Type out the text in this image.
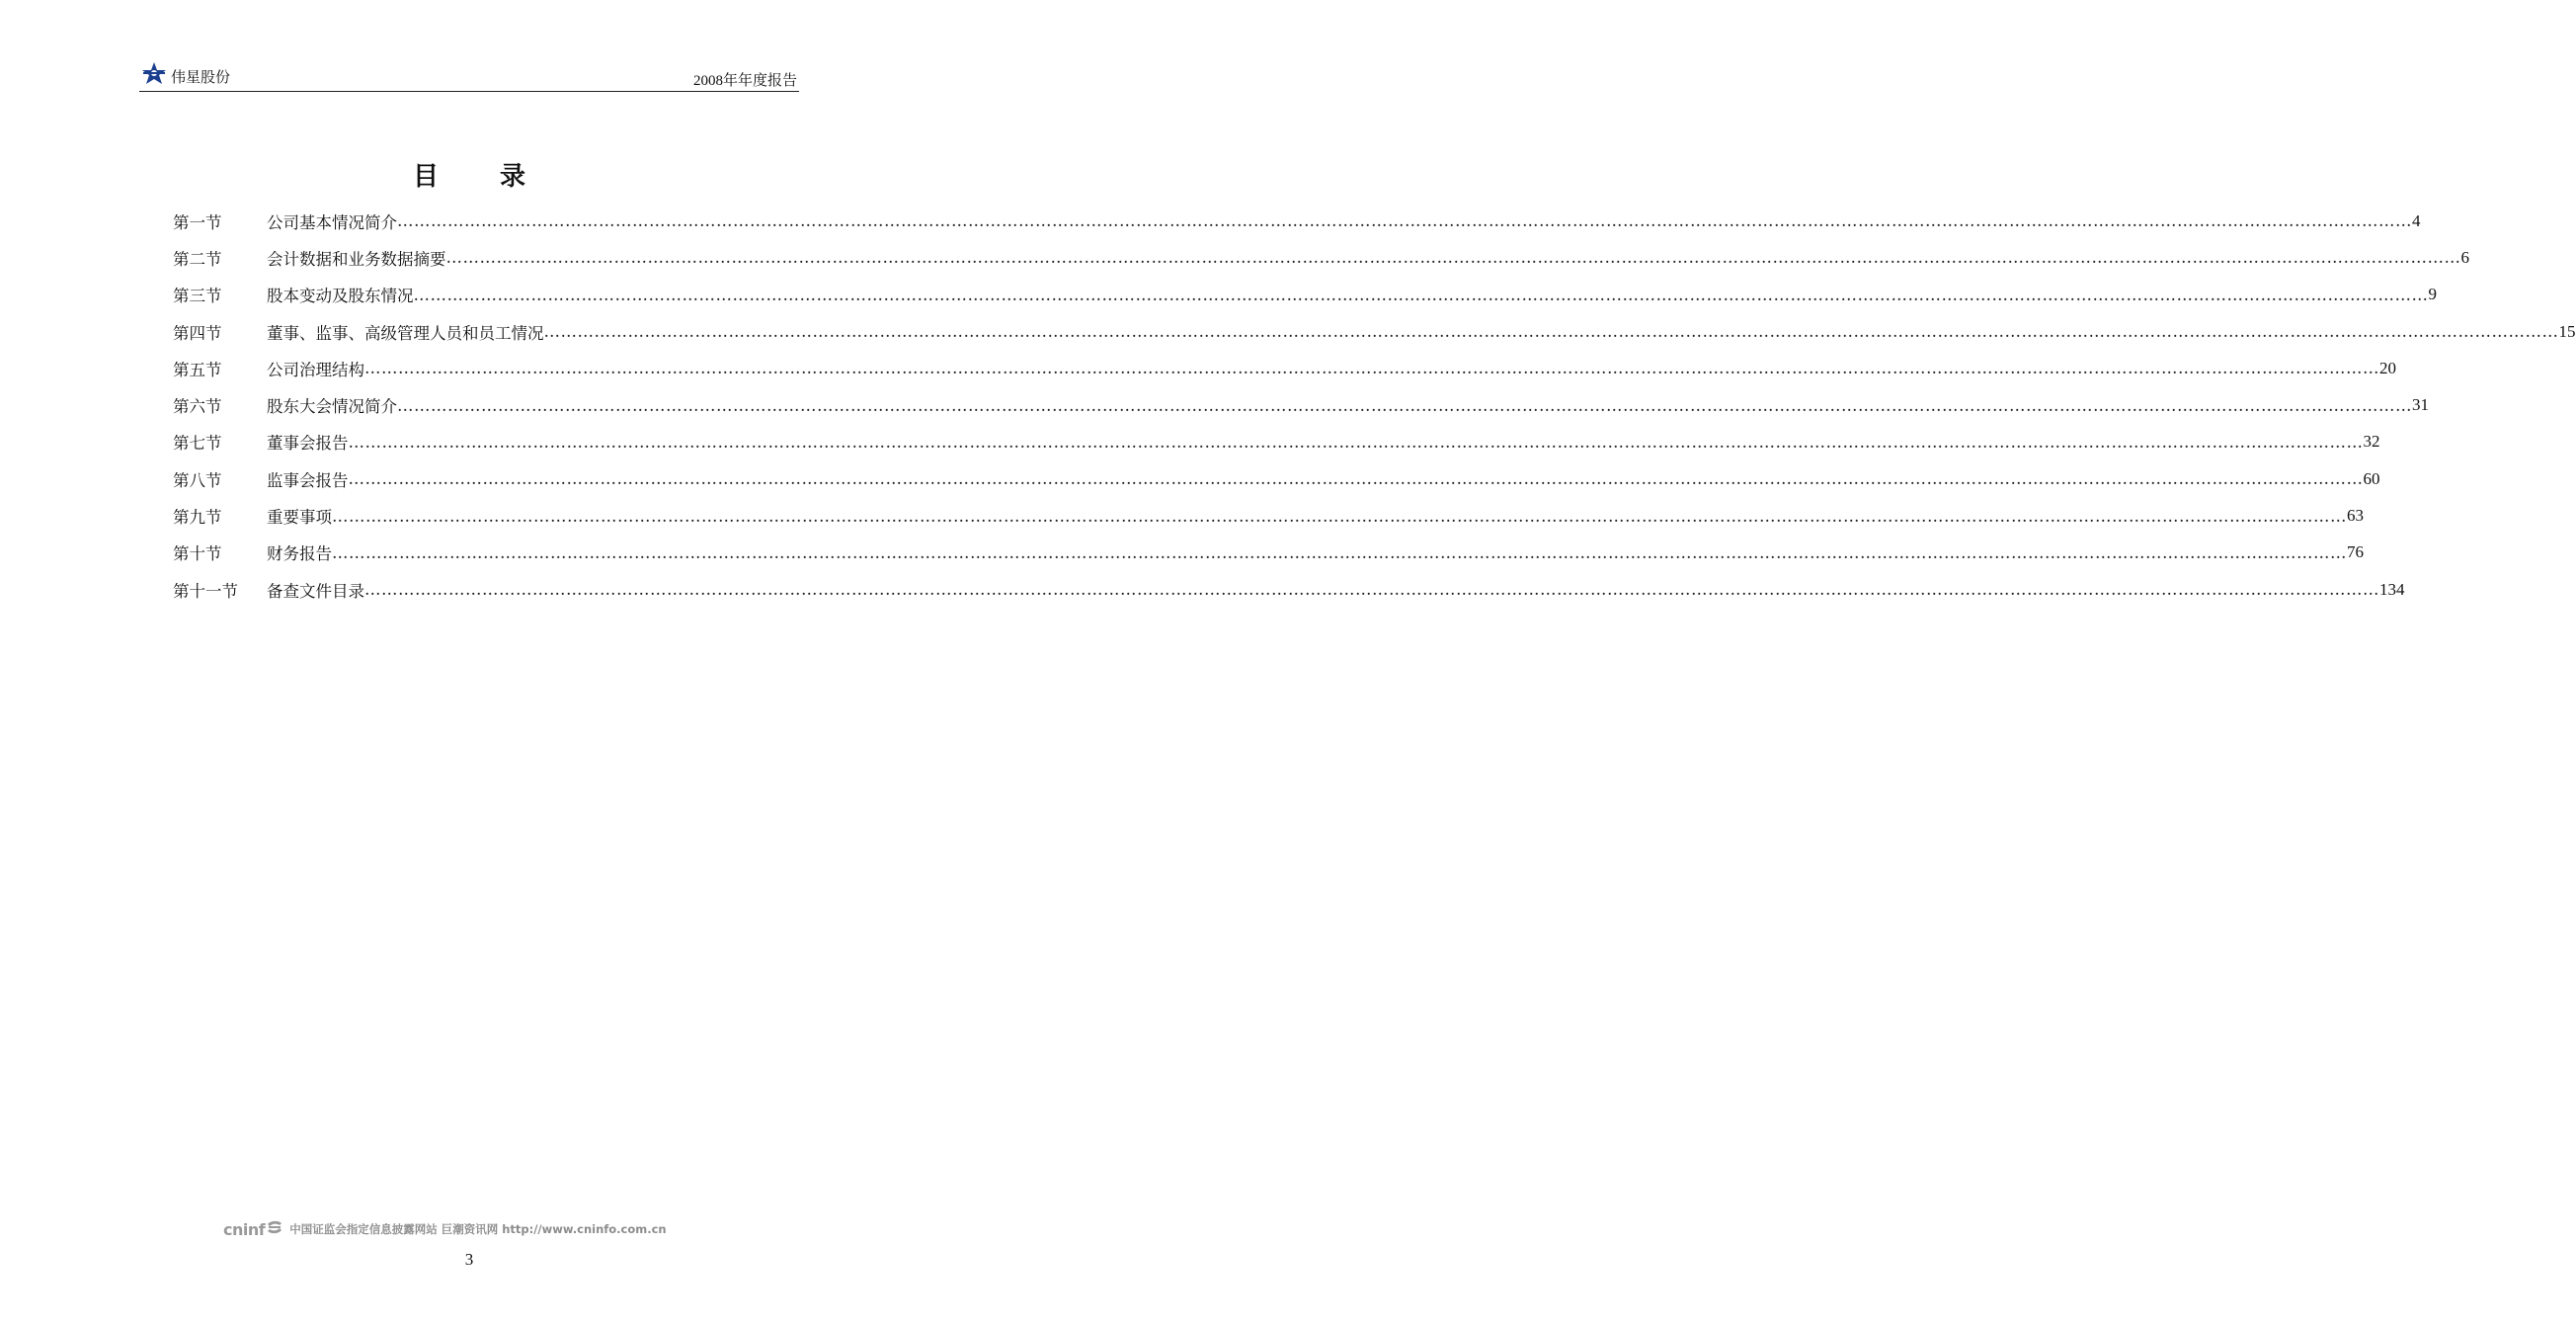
伟星股份	2008年年度报告
目 录
第一节	公司基本情况简介 ……………………………………………………………………………………………………………………………………………………………………………………………………………………………………………………………………………………………………………………………… 4
第二节	会计数据和业务数据摘要 ……………………………………………………………………………………………………………………………………………………………………………………………………………………………………………………………………………………………………………………………… 6
第三节	股本变动及股东情况 ……………………………………………………………………………………………………………………………………………………………………………………………………………………………………………………………………………………………………………………………… 9
第四节	董事、监事、高级管理人员和员工情况 ……………………………………………………………………………………………………………………………………………………………………………………………………………………………………………………………………………………………………………………………… 15
第五节	公司治理结构 ……………………………………………………………………………………………………………………………………………………………………………………………………………………………………………………………………………………………………………………………… 20
第六节	股东大会情况简介 ……………………………………………………………………………………………………………………………………………………………………………………………………………………………………………………………………………………………………………………………… 31
第七节	董事会报告 ……………………………………………………………………………………………………………………………………………………………………………………………………………………………………………………………………………………………………………………………… 32
第八节	监事会报告 ……………………………………………………………………………………………………………………………………………………………………………………………………………………………………………………………………………………………………………………………… 60
第九节	重要事项 ……………………………………………………………………………………………………………………………………………………………………………………………………………………………………………………………………………………………………………………………… 63
第十节	财务报告 ……………………………………………………………………………………………………………………………………………………………………………………………………………………………………………………………………………………………………………………………… 76
第十一节	备查文件目录 ……………………………………………………………………………………………………………………………………………………………………………………………………………………………………………………………………………………………………………………………… 134
cninf 中国证监会指定信息披露网站 巨潮资讯网 http://www.cninfo.com.cn
3
